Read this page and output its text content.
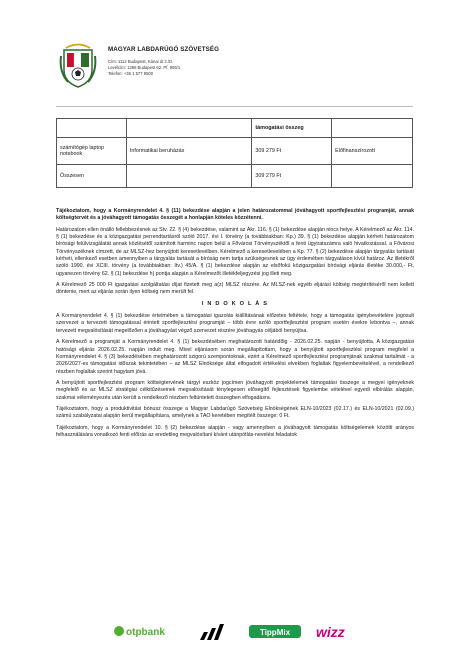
MAGYAR LABDARÚGÓ SZÖVETSÉG
Cím: 1112 Budapest, Kánai út 2./D.
Levélcím: 1386 Budapest 62. Pf. 906/1
Telefon: +36 1 577 9500
		támogatási összeg	
számítógép laptop notebook	Informatikai beruházás	309 279 Ft	Előfinanszírozott
Összesen		309 279 Ft	

Tájékoztatom, hogy a Kormányrendelet 4. § (11) bekezdése alapján a jelen határozatommal jóváhagyott sportfejlesztési programját, annak költségtervét és a jóváhagyott támogatás összegét a honlapján köteles közzétenni.

Határozatom ellen önálló fellebbezésnek az Stv. 22. § (4) bekezdése, valamint az Ákr. 116. § (1) bekezdése alapján nincs helye. A Kérelmező az Ákr. 114. § (1) bekezdése és a közigazgatási perrendtartásról szóló 2017. évi I. törvény (a továbbiakban: Kp.) 39. § (1) bekezdése alapján kérheti határozatom bírósági felülvizsgálatát annak közlésétől számított harminc napon belül a Fővárosi Törvényszéktől a fenti ügyiratszámra való hivatkozással, a Fővárosi Törvényszéknek címzett, de az MLSZ-hez benyújtott keresetlevélben. Kérelmező a keresetlevelében a Kp. 77. § (2) bekezdése alapján tárgyalás tartását kérheti, ellenkező esetben amennyiben a tárgyalás tartását a bíróság nem tartja szükségesnek az ügy érdemében tárgyaláson kívül határoz. Az illetékről szóló 1990. évi XCIII. törvény (a továbbiakban: Itv.) 45/A. § (1) bekezdése alapján az elsőfokú közigazgatási bírósági eljárás illetéke 30.000,- Ft, ugyanezen törvény 62. § (1) bekezdése h) pontja alapján a Kérelmezőt illetékfeljegyzési jog illeti meg.

A Kérelmező 25 000 Ft igazgatási szolgáltatási díjat fizetett meg a(z) MLSZ részére. Az MLSZ-nek egyéb eljárási költség megtérítéséről nem kellett döntenie, mert az eljárás során ilyen költség nem merült fel.

I N D O K O L Á S

A Kormányrendelet 4. § (1) bekezdése értelmében a támogatási igazolás kiállításának előzetes feltétele, hogy a támogatás igénybevételére jogosult szervezet a tervezett támogatással érintett sportfejlesztési programját – több évre szóló sportfejlesztési program esetén évekre lebontva –, annak tervezett megvalósítását megelőzően a jóváhagyást végző szervezet részére jóváhagyás céljából benyújtsa.

A Kérelmező a programját a Kormányrendelet 4. § (1) bekezdésében meghatározott határidőig - 2026.02.25. napján - benyújtotta. A közigazgatási hatósági eljárás 2026.02.25. napján indult meg. Mivel eljárásom során megállapítottam, hogy a benyújtott sportfejlesztési program megfelel a Kormányrendelet 4. § (3) bekezdésében meghatározott szigorú szempontoknak, ezért a Kérelmező sportfejlesztési programjának szakmai tartalmát - a 2026/2027-es támogatási időszak tekintetében – az MLSZ Elnöksége által elfogadott értékelési elvekben foglaltak figyelembevételével, a rendelkező részben foglaltak szerint hagytam jóvá.

A benyújtott sportfejlesztési program költségtervének tárgyi eszköz jogcímen jóváhagyott projektelemek támogatási összege a megyei igényeknek megfelelő és az MLSZ stratégiai célkitűzéseinek megvalósítását ténylegesen elősegítő fejlesztések figyelembe vételével egyedi elbírálás alapján, szakmai véleményezés után került a rendelkező részben feltüntetett összegben elfogadásra.

Tájékoztatom, hogy a produktivitási bónusz összege a Magyar Labdarúgó Szövetség Elnökségének ELN-10/2023 (02.17.) és ELN-10/2021 (02.09.) számú szabályzatai alapján kerül megállapításra, amelynek a TAO keretében megítélt összege: 0 Ft.

Tájékoztatom, hogy a Kormányrendelet 10. § (2) bekezdése alapján - vagy amennyiben a jóváhagyott támogatás költségelemek közötti arányos felhasználására vonatkozó fenti előírás az eredetileg megvalósítani kívánt utánpótlás-nevelési feladatok

otpbank	TippMix wizz
